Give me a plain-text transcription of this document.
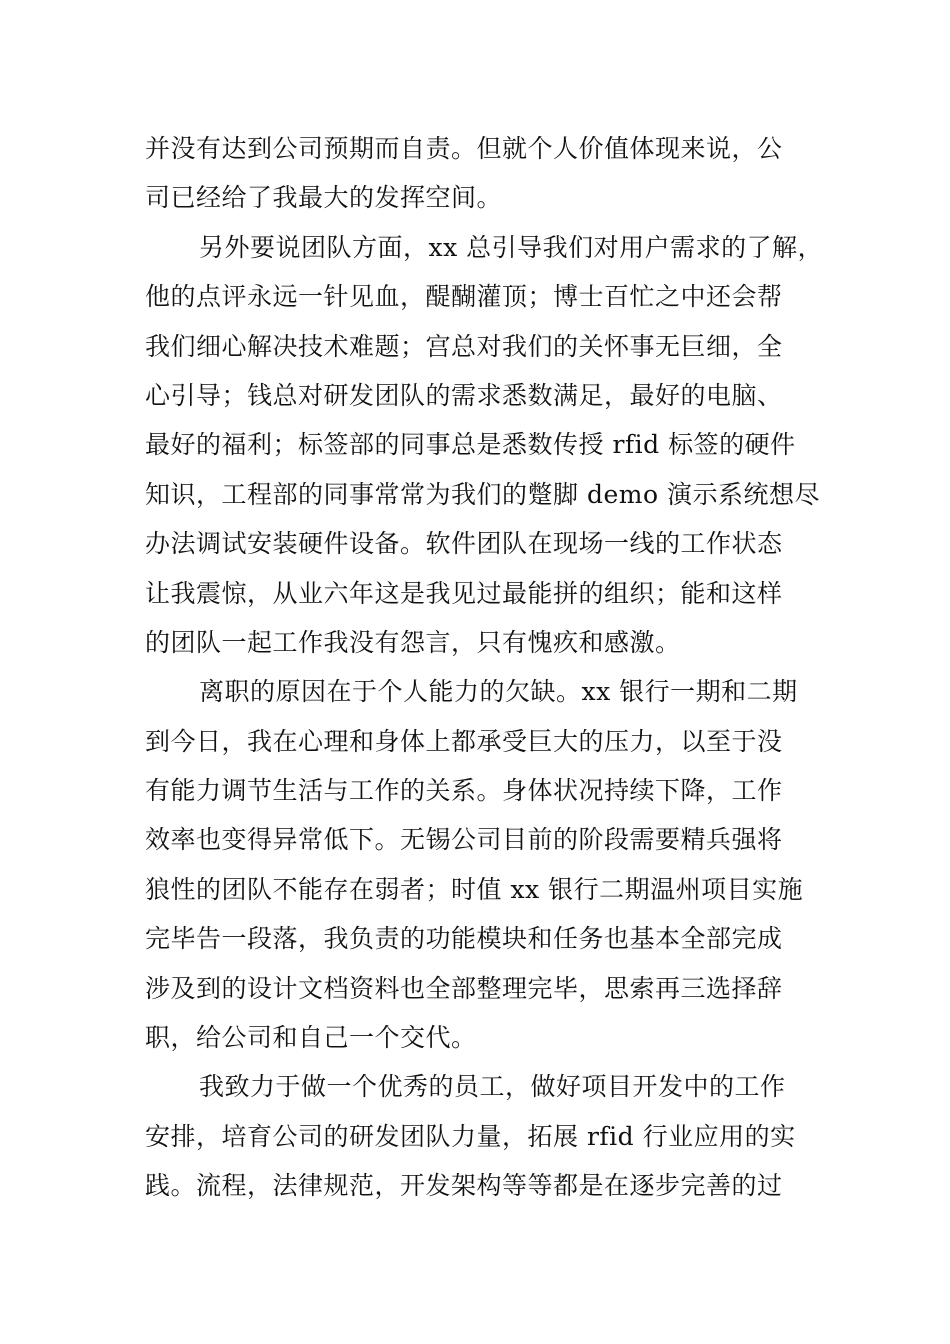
并没有达到公司预期而自责。但就个人价值体现来说，公
司已经给了我最大的发挥空间。
另外要说团队方面，xx 总引导我们对用户需求的了解，
他的点评永远一针见血，醍醐灌顶；博士百忙之中还会帮
我们细心解决技术难题；宫总对我们的关怀事无巨细，全
心引导；钱总对研发团队的需求悉数满足，最好的电脑、
最好的福利；标签部的同事总是悉数传授 rfid 标签的硬件
知识，工程部的同事常常为我们的蹩脚 demo 演示系统想尽
办法调试安装硬件设备。软件团队在现场一线的工作状态
让我震惊，从业六年这是我见过最能拼的组织；能和这样
的团队一起工作我没有怨言，只有愧疚和感激。
离职的原因在于个人能力的欠缺。xx 银行一期和二期
到今日，我在心理和身体上都承受巨大的压力，以至于没
有能力调节生活与工作的关系。身体状况持续下降，工作
效率也变得异常低下。无锡公司目前的阶段需要精兵强将
狼性的团队不能存在弱者；时值 xx 银行二期温州项目实施
完毕告一段落，我负责的功能模块和任务也基本全部完成
涉及到的设计文档资料也全部整理完毕，思索再三选择辞
职，给公司和自己一个交代。
我致力于做一个优秀的员工，做好项目开发中的工作
安排，培育公司的研发团队力量，拓展 rfid 行业应用的实
践。流程，法律规范，开发架构等等都是在逐步完善的过
